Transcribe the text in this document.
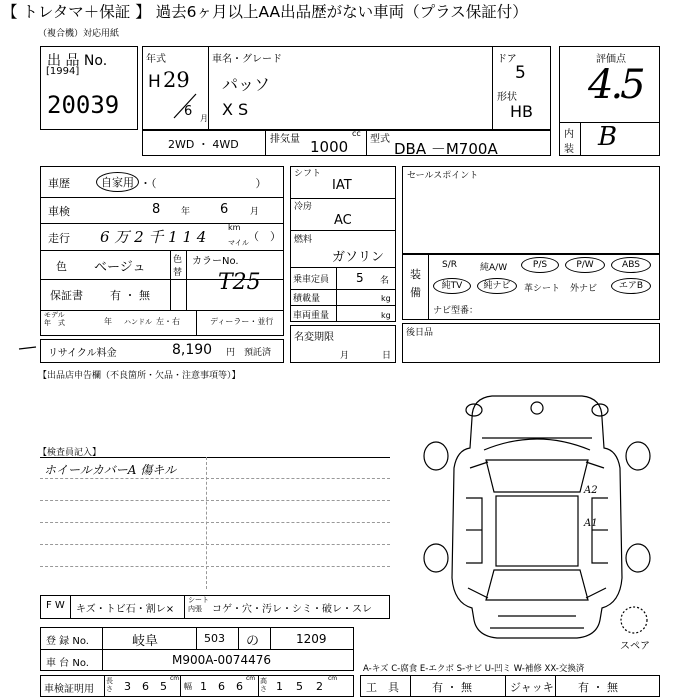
【 トレタマ＋保証 】 過去6ヶ月以上AA出品歴がない車両（プラス保証付）
（複合機）対応用紙
出 品 No.
[1994]
20039
年式
H 29
6 月
車名・グレード
パッソ
X S
ドア
5
形状
HB
2WD ・ 4WD	排気量
cc
1000 型式
DBA －M700A
評価点
4.5
内
装 B
車歴	自家用 ・（　　　　　　　　　）
車検	8 年 6 月
走行 6 万 2 千 1 1 4
km
マイル （　）
色 ベージュ	色
替
カラーNo.
T25
保証書 有 ・ 無
モデル
年　式	年 ハンドル 左・右	ディーラー・並行
リサイクル料金	8,190 円 預託済
シフト
IAT
冷房
AC
燃料
ガソリン
乗車定員 5 名
積載量	kg
車両重量	kg
名変期限
月	日
セールスポイント
装
備
S/R	純A/W	P/S	P/W	ABS
純TV	純ナビ	革シート 外ナビ	エアB
ナビ型番：
後日品
【出品店申告欄（不良箇所・欠品・注意事項等）】
【検査員記入】
ホイールカバーA 傷キル
A2
A1
スペア
F W キズ・トビ石・割レ×
シート
内張	コゲ・穴・汚レ・シミ・破レ・スレ
登 録 No.	岐阜	503 の	1209
車 台 No.	M900A-0074476
A-キズ C-腐食 E-エクボ S-サビ U-凹ミ W-補修 XX-交換済
車検証明用
長さ 3 6 5
cm
幅 1 6 6
cm 高さ 1 5 2
cm
工　具	有 ・ 無	ジャッキ 有 ・ 無
